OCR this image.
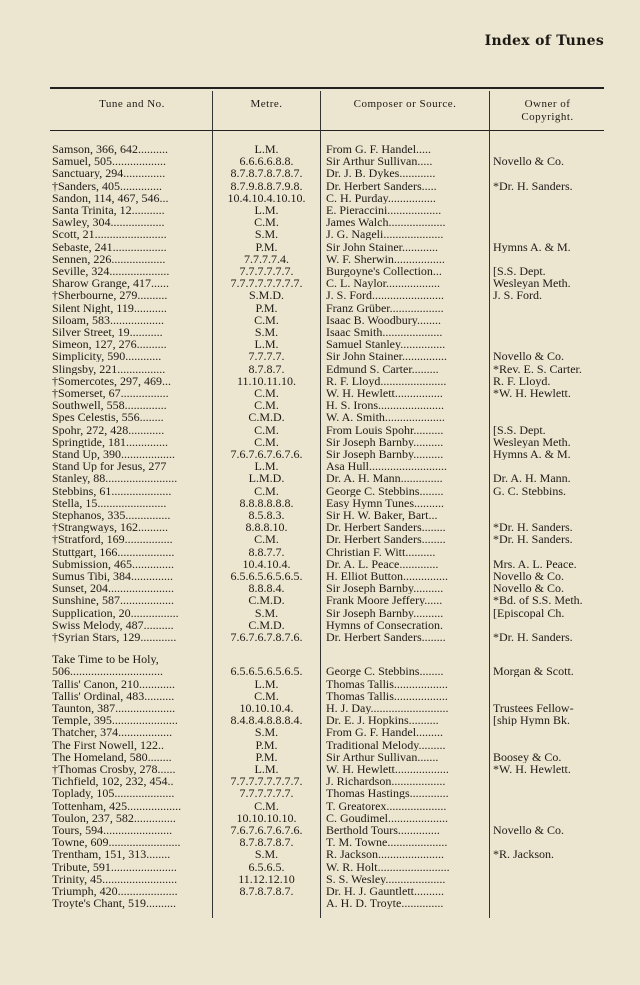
Index of Tunes
Tune and No.	Metre.	Composer or Source.	Owner of
Copyright.
Samson, 366, 642..........	L.M.	From G. F. Handel.....
Samuel, 505..................	6.6.6.6.8.8.	Sir Arthur Sullivan.....	Novello & Co.
Sanctuary, 294..............	8.7.8.7.8.7.8.7.	Dr. J. B. Dykes............
†Sanders, 405..............	8.7.9.8.8.7.9.8.	Dr. Herbert Sanders.....	*Dr. H. Sanders.
Sandon, 114, 467, 546...	10.4.10.4.10.10.	C. H. Purday................
Santa Trinita, 12...........	L.M.	E. Pieraccini..................
Sawley, 304..................	C.M.	James Walch...................
Scott, 21........................	S.M.	J. G. Nageli....................
Sebaste, 241..................	P.M.	Sir John Stainer............	Hymns A. & M.
Sennen, 226..................	7.7.7.7.4.	W. F. Sherwin.................
Seville, 324....................	7.7.7.7.7.7.	Burgoyne's Collection...	[S.S. Dept.
Sharow Grange, 417......	7.7.7.7.7.7.7.7.	C. L. Naylor..................	Wesleyan Meth.
†Sherbourne, 279..........	S.M.D.	J. S. Ford........................	J. S. Ford.
Silent Night, 119...........	P.M.	Franz Grüber..................
Siloam, 583..................	C.M.	Isaac B. Woodbury........
Silver Street, 19...........	S.M.	Isaac Smith....................
Simeon, 127, 276..........	L.M.	Samuel Stanley...............
Simplicity, 590............	7.7.7.7.	Sir John Stainer...............	Novello & Co.
Slingsby, 221................	8.7.8.7.	Edmund S. Carter.........	*Rev. E. S. Carter.
†Somercotes, 297, 469...	11.10.11.10.	R. F. Lloyd......................	R. F. Lloyd.
†Somerset, 67................	C.M.	W. H. Hewlett................	*W. H. Hewlett.
Southwell, 558..............	C.M.	H. S. Irons......................
Spes Celestis, 556........	C.M.D.	W. A. Smith....................
Spohr, 272, 428............	C.M.	From Louis Spohr..........	[S.S. Dept.
Springtide, 181..............	C.M.	Sir Joseph Barnby..........	Wesleyan Meth.
Stand Up, 390..................	7.6.7.6.7.6.7.6.	Sir Joseph Barnby..........	Hymns A. & M.
Stand Up for Jesus, 277	L.M.	Asa Hull..........................
Stanley, 88........................	L.M.D.	Dr. A. H. Mann..............	Dr. A. H. Mann.
Stebbins, 61....................	C.M.	George C. Stebbins........	G. C. Stebbins.
Stella, 15.......................	8.8.8.8.8.8.	Easy Hymn Tunes..........
Stephanos, 335...............	8.5.8.3.	Sir H. W. Baker, Bart...
†Strangways, 162..........	8.8.8.10.	Dr. Herbert Sanders........	*Dr. H. Sanders.
†Stratford, 169................	C.M.	Dr. Herbert Sanders........	*Dr. H. Sanders.
Stuttgart, 166...................	8.8.7.7.	Christian F. Witt..........
Submission, 465..............	10.4.10.4.	Dr. A. L. Peace.............	Mrs. A. L. Peace.
Sumus Tibi, 384..............	6.5.6.5.6.5.6.5.	H. Elliot Button...............	Novello & Co.
Sunset, 204......................	8.8.8.4.	Sir Joseph Barnby..........	Novello & Co.
Sunshine, 587..................	C.M.D.	Frank Moore Jeffery......	*Bd. of S.S. Meth.
Supplication, 20................	S.M.	Sir Joseph Barnby..........	[Episcopal Ch.
Swiss Melody, 487..........	C.M.D.	Hymns of Consecration.
†Syrian Stars, 129............	7.6.7.6.7.8.7.6.	Dr. Herbert Sanders........	*Dr. H. Sanders.
Take Time to be Holy,
506...............................	6.5.6.5.6.5.6.5.	George C. Stebbins........	Morgan & Scott.
Tallis' Canon, 210............	L.M.	Thomas Tallis..................
Tallis' Ordinal, 483..........	C.M.	Thomas Tallis..................
Taunton, 387....................	10.10.10.4.	H. J. Day..........................	Trustees Fellow-
Temple, 395......................	8.4.8.4.8.8.8.4.	Dr. E. J. Hopkins..........	[ship Hymn Bk.
Thatcher, 374..................	S.M.	From G. F. Handel.........
The First Nowell, 122..	P.M.	Traditional Melody.........
The Homeland, 580........	P.M.	Sir Arthur Sullivan.......	Boosey & Co.
†Thomas Crosby, 278......	L.M.	W. H. Hewlett..................	*W. H. Hewlett.
Tichfield, 102, 232, 454..	7.7.7.7.7.7.7.7.	J. Richardson..................
Toplady, 105....................	7.7.7.7.7.7.	Thomas Hastings.............
Tottenham, 425..................	C.M.	T. Greatorex....................
Toulon, 237, 582..............	10.10.10.10.	C. Goudimel....................
Tours, 594.......................	7.6.7.6.7.6.7.6.	Berthold Tours..............	Novello & Co.
Towne, 609........................	8.7.8.7.8.7.	T. M. Towne....................
Trentham, 151, 313........	S.M.	R. Jackson......................	*R. Jackson.
Tribute, 591......................	6.5.6.5.	W. R. Holt........................
Trinity, 45.........................	11.12.12.10	S. S. Wesley....................
Triumph, 420....................	8.7.8.7.8.7.	Dr. H. J. Gauntlett..........
Troyte's Chant, 519..........	A. H. D. Troyte..............
